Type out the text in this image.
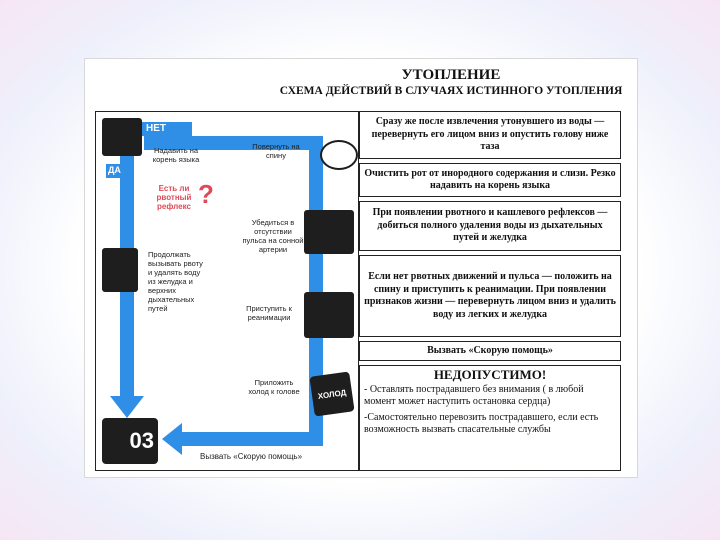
УТОПЛЕНИЕ
СХЕМА ДЕЙСТВИЙ В СЛУЧАЯХ ИСТИННОГО УТОПЛЕНИЯ
ХОЛОД
03
НЕТ
ДА
Надавить на корень языка
Есть ли рвотный рефлекс ?
Продолжать вызывать рвоту и удалять воду из желудка и верхних дыхательных путей
Повернуть на спину
Убедиться в отсутствии пульса на сонной артерии
Приступить к реанимации
Приложить холод к голове
Вызвать «Скорую помощь»
Сразу же после извлечения утонувшего из воды — перевернуть его лицом вниз и опустить голову ниже таза
Очистить рот от инородного содержания и слизи. Резко надавить на корень языка
При появлении рвотного и кашлевого рефлексов — добиться полного удаления воды из дыхательных путей и желудка
Если нет рвотных движений и пульса — положить на спину и приступить к реанимации. При появлении признаков жизни — перевернуть лицом вниз и удалить воду из легких и желудка
Вызвать «Скорую помощь»
НЕДОПУСТИМО!

- Оставлять пострадавшего без внимания ( в любой момент может наступить остановка сердца)

-Самостоятельно перевозить пострадавшего, если есть возможность вызвать спасательные службы
